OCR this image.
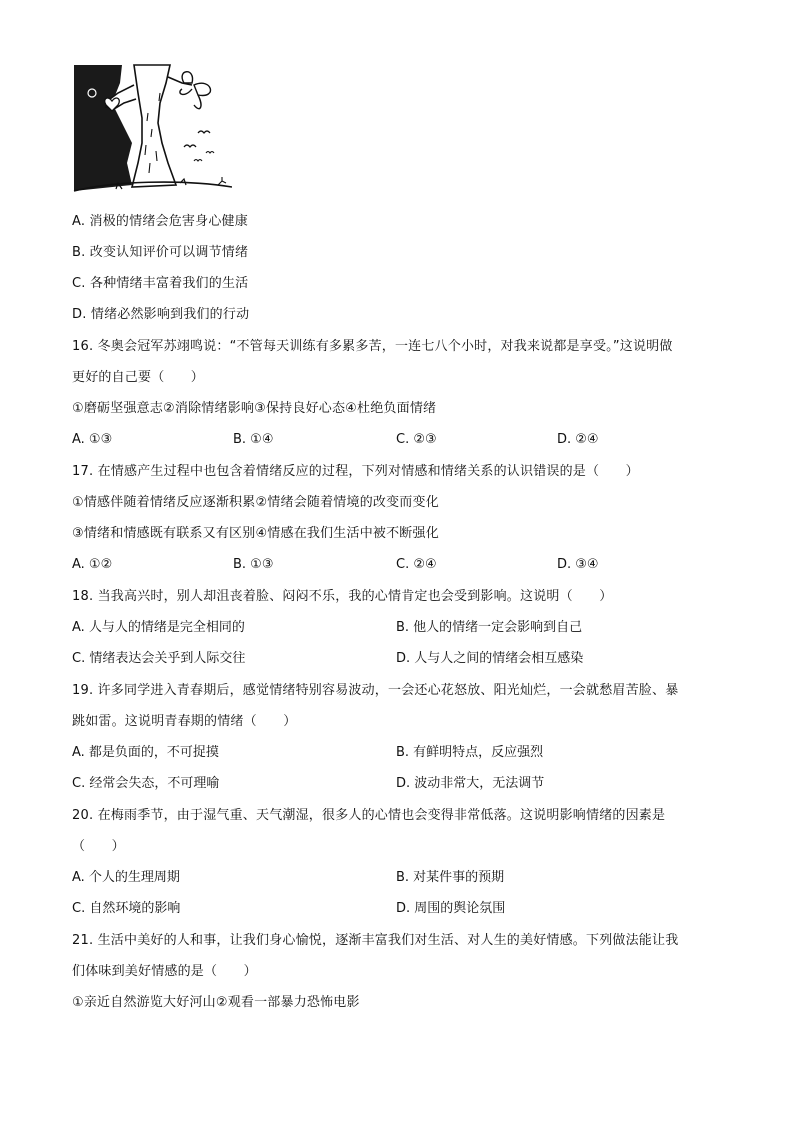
A. 消极的情绪会危害身心健康
B. 改变认知评价可以调节情绪
C. 各种情绪丰富着我们的生活
D. 情绪必然影响到我们的行动
16. 冬奥会冠军苏翊鸣说：“不管每天训练有多累多苦，一连七八个小时，对我来说都是享受。”这说明做
更好的自己要（　　）
①磨砺坚强意志②消除情绪影响③保持良好心态④杜绝负面情绪
A. ①③	B. ①④	C. ②③	D. ②④
17. 在情感产生过程中也包含着情绪反应的过程，下列对情感和情绪关系的认识错误的是（　　）
①情感伴随着情绪反应逐渐积累②情绪会随着情境的改变而变化
③情绪和情感既有联系又有区别④情感在我们生活中被不断强化
A. ①②	B. ①③	C. ②④	D. ③④
18. 当我高兴时，别人却沮丧着脸、闷闷不乐，我的心情肯定也会受到影响。这说明（　　）
A. 人与人的情绪是完全相同的	B. 他人的情绪一定会影响到自己
C. 情绪表达会关乎到人际交往	D. 人与人之间的情绪会相互感染
19. 许多同学进入青春期后，感觉情绪特别容易波动，一会还心花怒放、阳光灿烂，一会就愁眉苦脸、暴
跳如雷。这说明青春期的情绪（　　）
A. 都是负面的，不可捉摸	B. 有鲜明特点，反应强烈
C. 经常会失态，不可理喻	D. 波动非常大，无法调节
20. 在梅雨季节，由于湿气重、天气潮湿，很多人的心情也会变得非常低落。这说明影响情绪的因素是
（　　）
A. 个人的生理周期	B. 对某件事的预期
C. 自然环境的影响	D. 周围的舆论氛围
21. 生活中美好的人和事，让我们身心愉悦，逐渐丰富我们对生活、对人生的美好情感。下列做法能让我
们体味到美好情感的是（　　）
①亲近自然游览大好河山②观看一部暴力恐怖电影
